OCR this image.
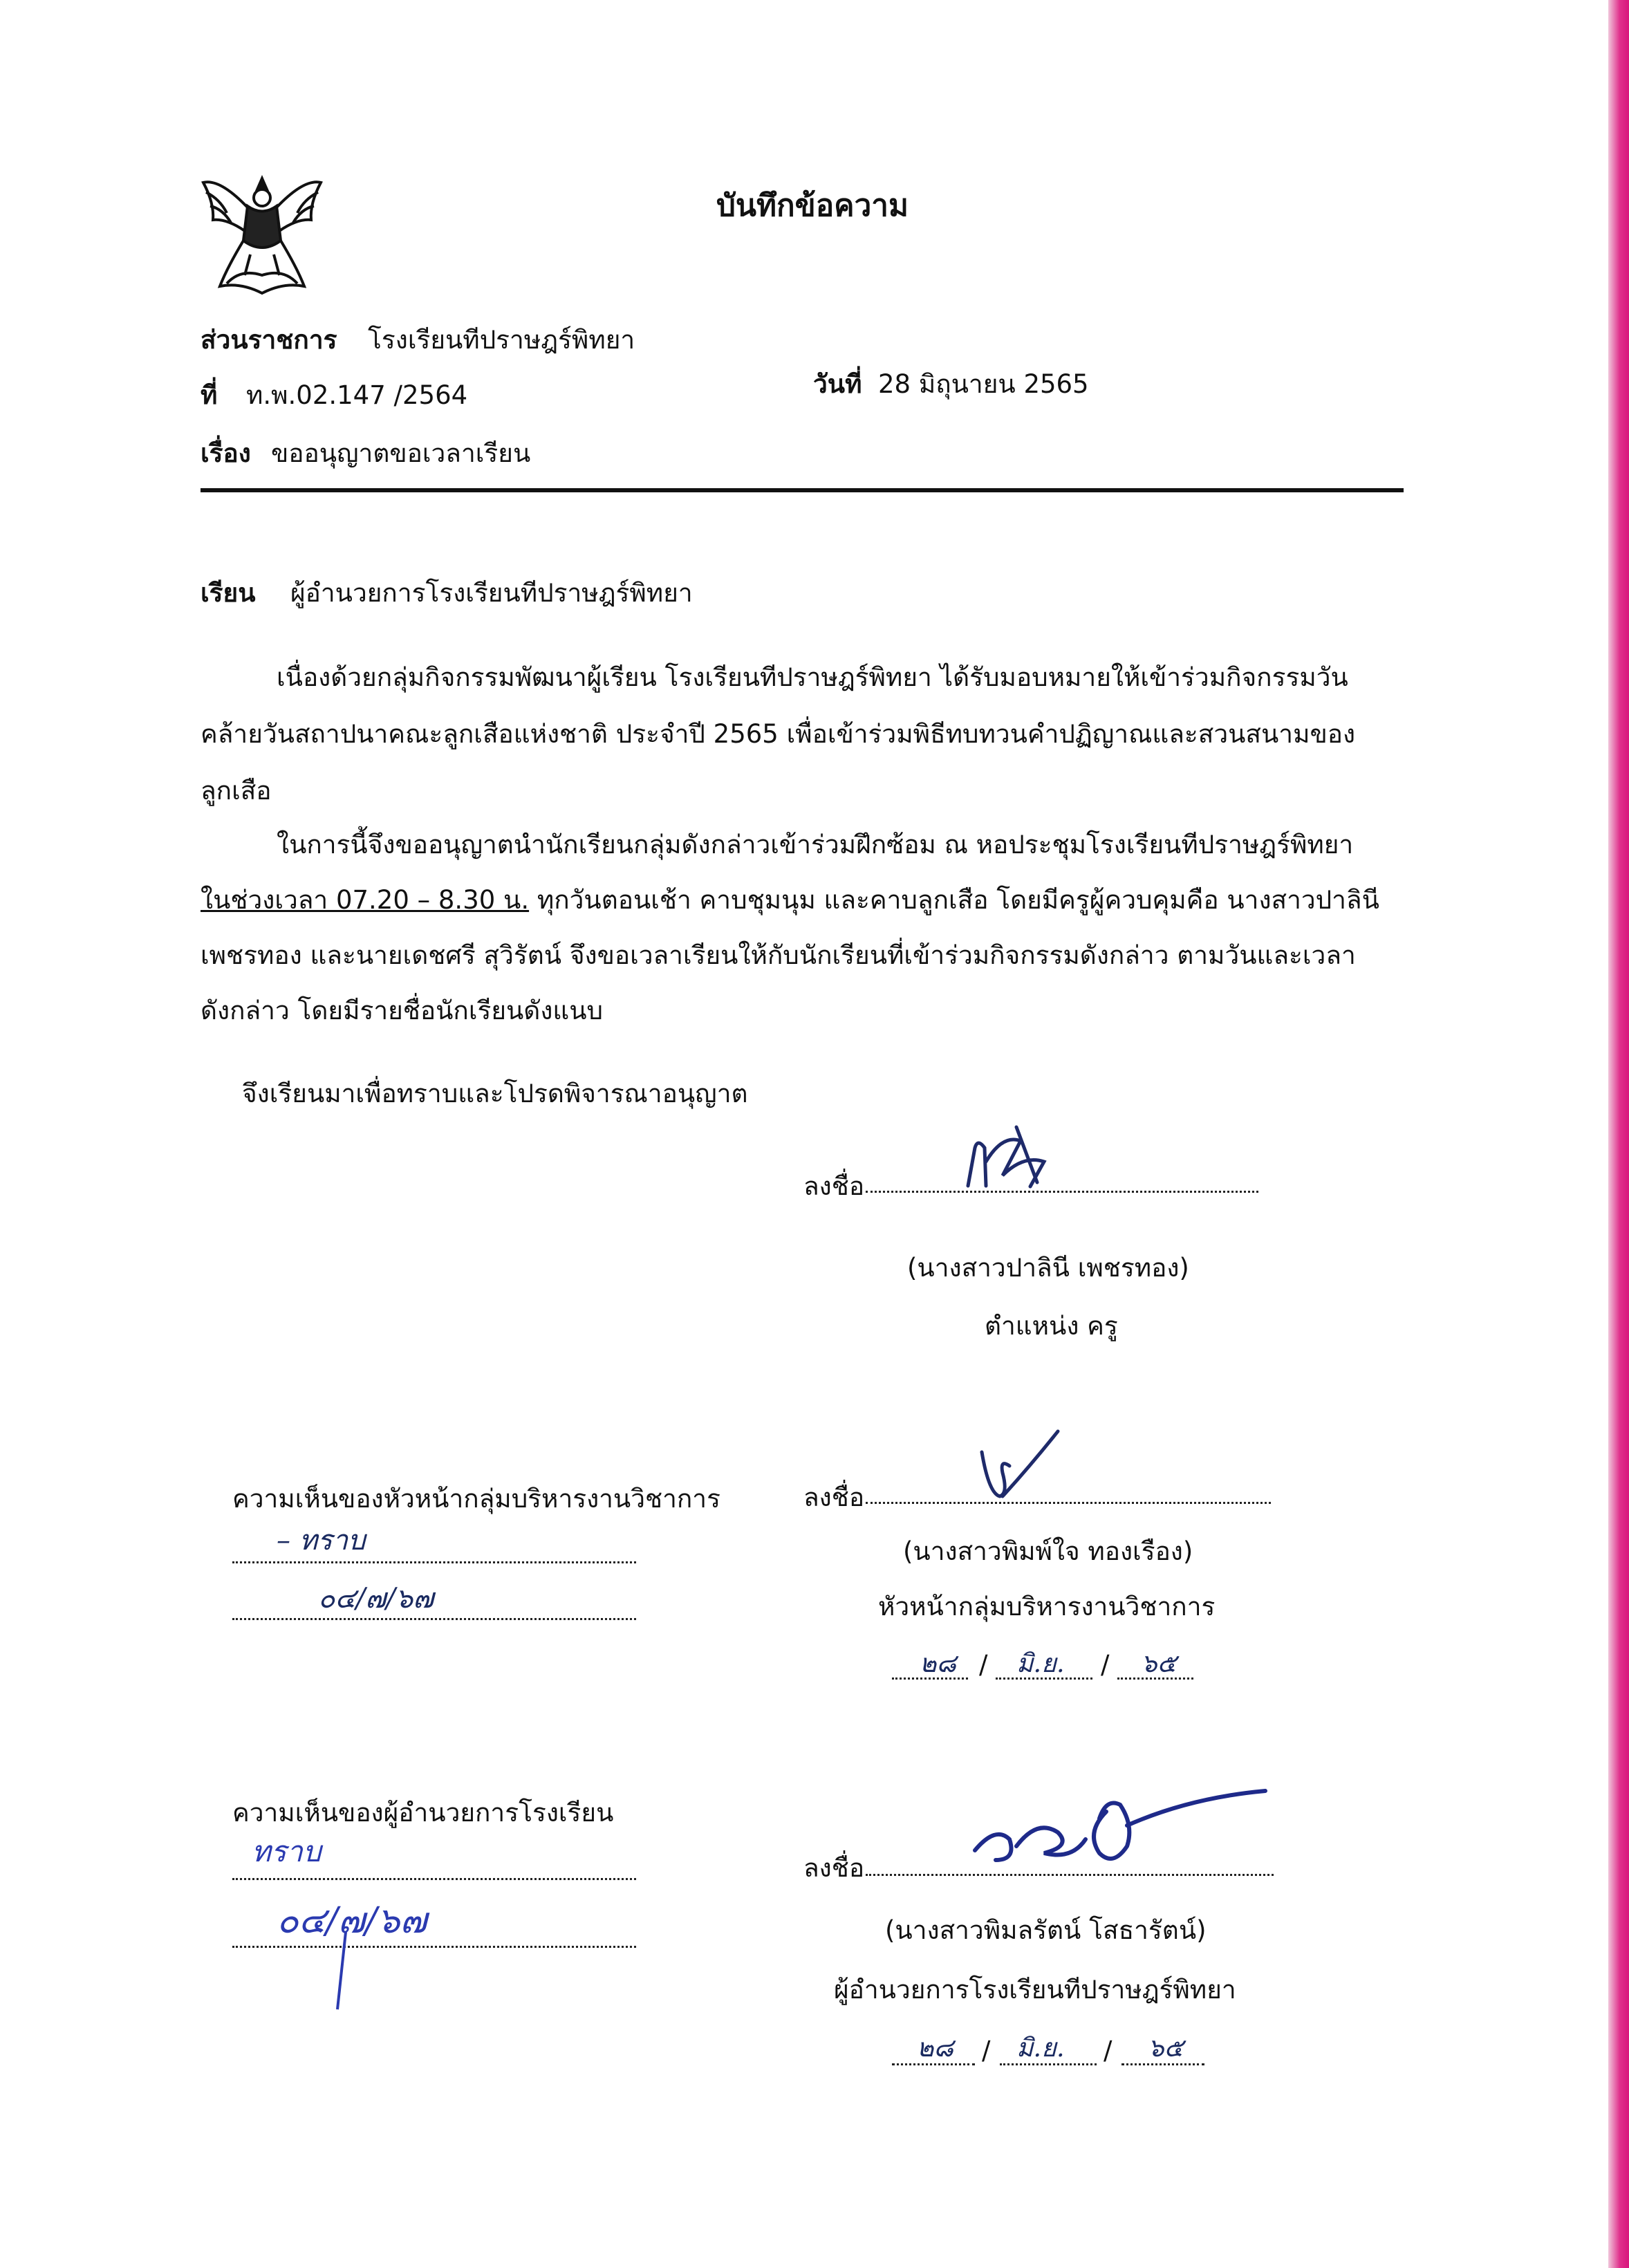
บันทึกข้อความ
ส่วนราชการ โรงเรียนทีปราษฎร์พิทยา
ที่ ท.พ.02.147 /2564	วันที่ 28 มิถุนายน 2565
เรื่อง ขออนุญาตขอเวลาเรียน
เรียน ผู้อำนวยการโรงเรียนทีปราษฎร์พิทยา
เนื่องด้วยกลุ่มกิจกรรมพัฒนาผู้เรียน โรงเรียนทีปราษฎร์พิทยา ได้รับมอบหมายให้เข้าร่วมกิจกรรมวัน
คล้ายวันสถาปนาคณะลูกเสือแห่งชาติ ประจำปี 2565 เพื่อเข้าร่วมพิธีทบทวนคำปฏิญาณและสวนสนามของ
ลูกเสือ
ในการนี้จึงขออนุญาตนำนักเรียนกลุ่มดังกล่าวเข้าร่วมฝึกซ้อม ณ หอประชุมโรงเรียนทีปราษฎร์พิทยา
ในช่วงเวลา 07.20 – 8.30 น. ทุกวันตอนเช้า คาบชุมนุม และคาบลูกเสือ โดยมีครูผู้ควบคุมคือ นางสาวปาลินี
เพชรทอง และนายเดชศรี สุวิรัตน์ จึงขอเวลาเรียนให้กับนักเรียนที่เข้าร่วมกิจกรรมดังกล่าว ตามวันและเวลา
ดังกล่าว โดยมีรายชื่อนักเรียนดังแนบ
จึงเรียนมาเพื่อทราบและโปรดพิจารณาอนุญาต
ลงชื่อ
(นางสาวปาลินี เพชรทอง)
ตำแหน่ง ครู
ความเห็นของหัวหน้ากลุ่มบริหารงานวิชาการ
– ทราบ
๐๔/๗/๖๗
ลงชื่อ
(นางสาวพิมพ์ใจ ทองเรือง)
หัวหน้ากลุ่มบริหารงานวิชาการ
๒๘ / มิ.ย. / ๖๕
ความเห็นของผู้อำนวยการโรงเรียน
ทราบ
๐๔/๗/๖๗
ลงชื่อ
(นางสาวพิมลรัตน์ โสธารัตน์)
ผู้อำนวยการโรงเรียนทีปราษฎร์พิทยา
๒๘ / มิ.ย. / ๖๕
